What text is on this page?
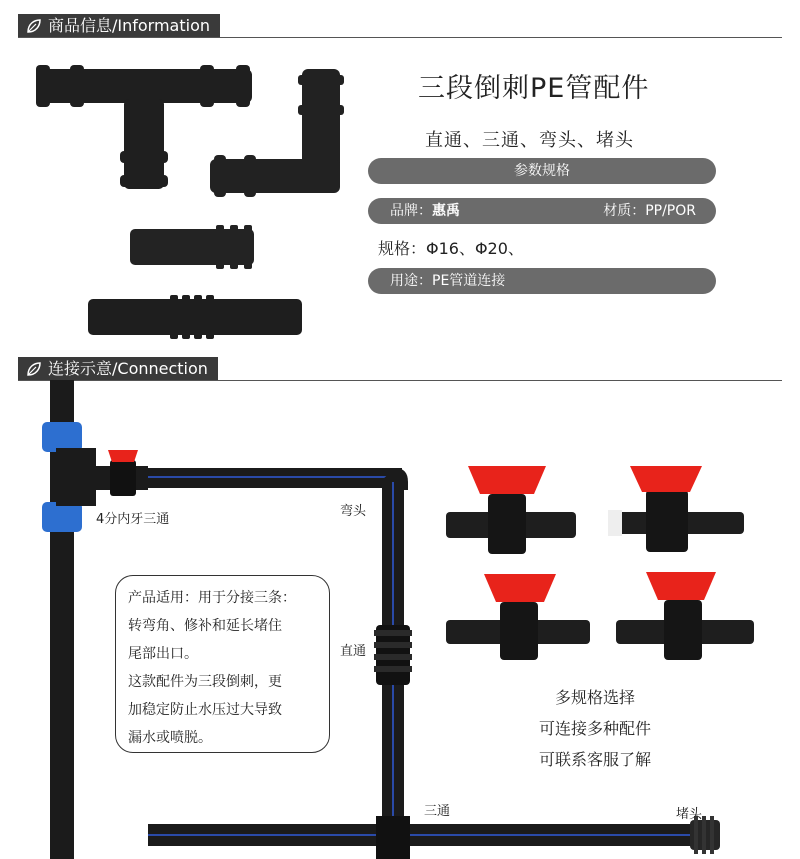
商品信息/Information
三段倒刺PE管配件
直通、三通、弯头、堵头
参数规格
品牌：惠禹	材质：PP/POR
规格：Φ16、Φ20、
用途：PE管道连接
连接示意/Connection
4分内牙三通
弯头
直通
三通	堵头
产品适用：用于分接三条：
转弯角、修补和延长堵住
尾部出口。
这款配件为三段倒刺，更
加稳定防止水压过大导致
漏水或喷脱。
多规格选择
可连接多种配件
可联系客服了解
